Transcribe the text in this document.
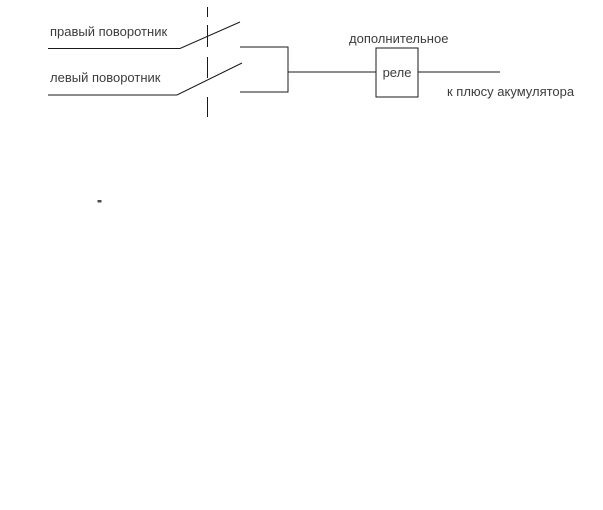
правый поворотник
левый поворотник
дополнительное
реле
к плюсу акумулятора
